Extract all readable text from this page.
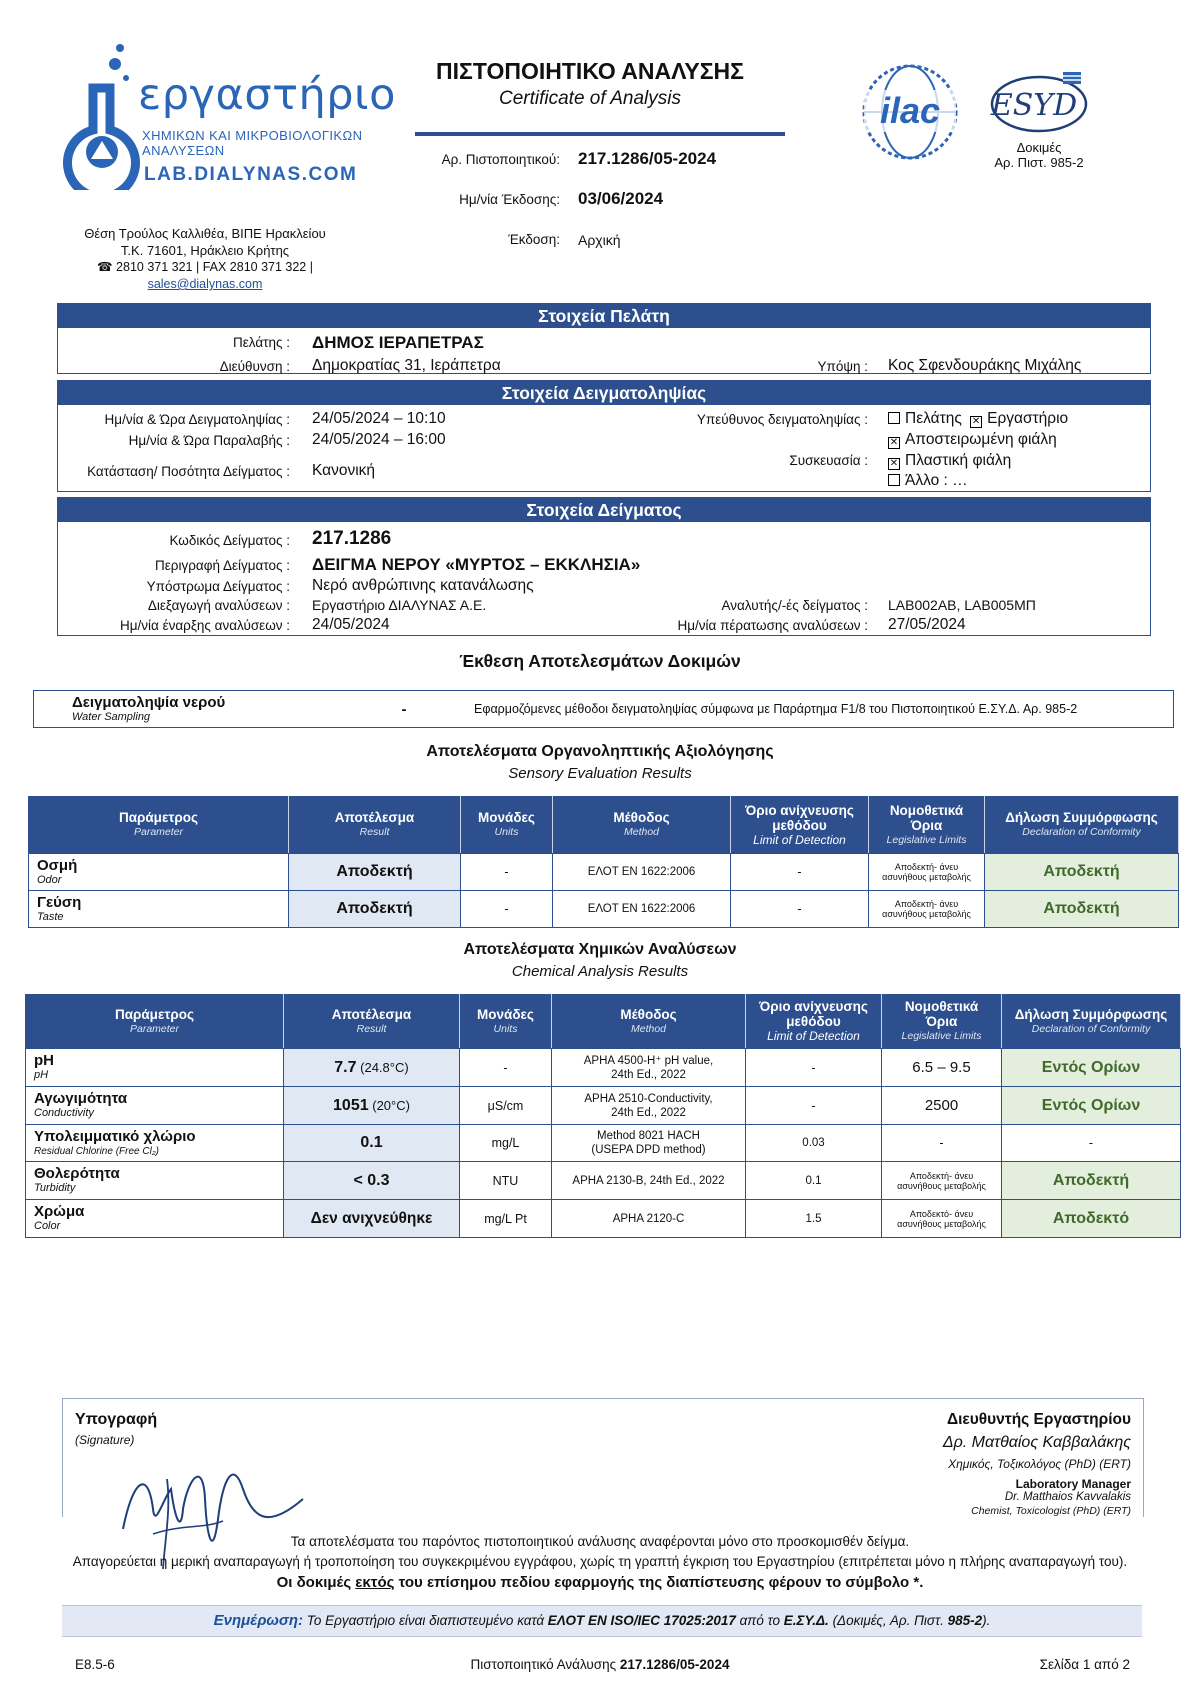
εργαστήριο
ΧΗΜΙΚΩΝ ΚΑΙ ΜΙΚΡΟΒΙΟΛΟΓΙΚΩΝ
ΑΝΑΛΥΣΕΩΝ
LAB.DIALYNAS.COM
Θέση Τρούλος Καλλιθέα, ΒΙΠΕ Ηρακλείου
Τ.Κ. 71601, Ηράκλειο Κρήτης
☎ 2810 371 321 | FAX 2810 371 322 | sales@dialynas.com
ΠΙΣΤΟΠΟΙΗΤΙΚΟ ΑΝΑΛΥΣΗΣ
Certificate of Analysis
Αρ. Πιστοποιητικού: 217.1286/05-2024
Ημ/νία Έκδοσης: 03/06/2024
Έκδοση: Αρχική
ilac	ESYD
Δοκιμές
Αρ. Πιστ. 985-2
Στοιχεία Πελάτη
Πελάτης : ΔΗΜΟΣ ΙΕΡΑΠΕΤΡΑΣ
Διεύθυνση : Δημοκρατίας 31, Ιεράπετρα	Υπόψη : Κος Σφενδουράκης Μιχάλης
Στοιχεία Δειγματοληψίας
Ημ/νία & Ώρα Δειγματοληψίας : 24/05/2024 – 10:10
Ημ/νία & Ώρα Παραλαβής : 24/05/2024 – 16:00
Κατάσταση/ Ποσότητα Δείγματος : Κανονική
Υπεύθυνος δειγματοληψίας :	Πελάτης ✕ Εργαστήριο
✕ Αποστειρωμένη φιάλη
Συσκευασία : ✕ Πλαστική φιάλη
Άλλο : …
Στοιχεία Δείγματος
Κωδικός Δείγματος : 217.1286
Περιγραφή Δείγματος : ΔΕΙΓΜΑ ΝΕΡΟΥ «ΜΥΡΤΟΣ – ΕΚΚΛΗΣΙΑ»
Υπόστρωμα Δείγματος : Νερό ανθρώπινης κατανάλωσης
Διεξαγωγή αναλύσεων : Εργαστήριο ΔΙΑΛΥΝΑΣ Α.Ε.	Αναλυτής/-ές δείγματος : LAB002AB, LAB005ΜΠ
Ημ/νία έναρξης αναλύσεων : 24/05/2024	Ημ/νία πέρατωσης αναλύσεων : 27/05/2024
Έκθεση Αποτελεσμάτων Δοκιμών
Δειγματοληψία νερού
Water Sampling	-	Εφαρμοζόμενες μέθοδοι δειγματοληψίας σύμφωνα με Παράρτημα F1/8 του Πιστοποιητικού Ε.ΣΥ.Δ. Αρ. 985-2
Αποτελέσματα Οργανοληπτικής Αξιολόγησης
Sensory Evaluation Results
Παράμετρος
Parameter	Αποτέλεσμα
Result	Μονάδες
Units	Μέθοδος
Method	Όριο ανίχνευσης
μεθόδου
Limit of Detection	Νομοθετικά
Όρια
Legislative Limits	Δήλωση Συμμόρφωσης
Declaration of Conformity

Οσμή
Odor	Αποδεκτή	-	ΕΛΟΤ ΕΝ 1622:2006	-	Αποδεκτή- άνευ
ασυνήθους μεταβολής	Αποδεκτή

Γεύση
Taste	Αποδεκτή	-	ΕΛΟΤ ΕΝ 1622:2006	-	Αποδεκτή- άνευ
ασυνήθους μεταβολής	Αποδεκτή
Αποτελέσματα Χημικών Αναλύσεων
Chemical Analysis Results
Παράμετρος
Parameter	Αποτέλεσμα
Result	Μονάδες
Units	Μέθοδος
Method	Όριο ανίχνευσης
μεθόδου
Limit of Detection	Νομοθετικά
Όρια
Legislative Limits	Δήλωση Συμμόρφωσης
Declaration of Conformity

pH
pH	7.7 (24.8°C)	-	APHA 4500-H⁺ pH value,
24th Ed., 2022	-	6.5 – 9.5	Εντός Ορίων

Αγωγιμότητα
Conductivity	1051 (20°C)	μS/cm	APHA 2510-Conductivity,
24th Ed., 2022	-	2500	Εντός Ορίων

Υπολειμματικό χλώριο
Residual Chlorine (Free Cl₂)	0.1	mg/L	Method 8021 HACH
(USEPA DPD method)	0.03	-	-

Θολερότητα
Turbidity	< 0.3	NTU	APHA 2130-B, 24th Ed., 2022	0.1	Αποδεκτή- άνευ
ασυνήθους μεταβολής	Αποδεκτή

Χρώμα
Color	Δεν ανιχνεύθηκε	mg/L Pt	APHA 2120-C	1.5	Αποδεκτό- άνευ
ασυνήθους μεταβολής	Αποδεκτό
Υπογραφή
(Signature)
Διευθυντής Εργαστηρίου
Δρ. Ματθαίος Καββαλάκης
Χημικός, Τοξικολόγος (PhD) (ERT)
Laboratory Manager
Dr. Matthaios Kavvalakis
Chemist, Toxicologist (PhD) (ERT)
Τα αποτελέσματα του παρόντος πιστοποιητικού ανάλυσης αναφέρονται μόνο στο προσκομισθέν δείγμα.
Απαγορεύεται η μερική αναπαραγωγή ή τροποποίηση του συγκεκριμένου εγγράφου, χωρίς τη γραπτή έγκριση του Εργαστηρίου (επιτρέπεται μόνο η πλήρης αναπαραγωγή του).
Οι δοκιμές εκτός του επίσημου πεδίου εφαρμογής της διαπίστευσης φέρουν το σύμβολο *.
Ενημέρωση: Το Εργαστήριο είναι διαπιστευμένο κατά ΕΛΟΤ EN ISO/IEC 17025:2017 από το Ε.ΣΥ.Δ. (Δοκιμές, Αρ. Πιστ. 985-2).
E8.5-6	Πιστοποιητικό Ανάλυσης 217.1286/05-2024	Σελίδα 1 από 2
